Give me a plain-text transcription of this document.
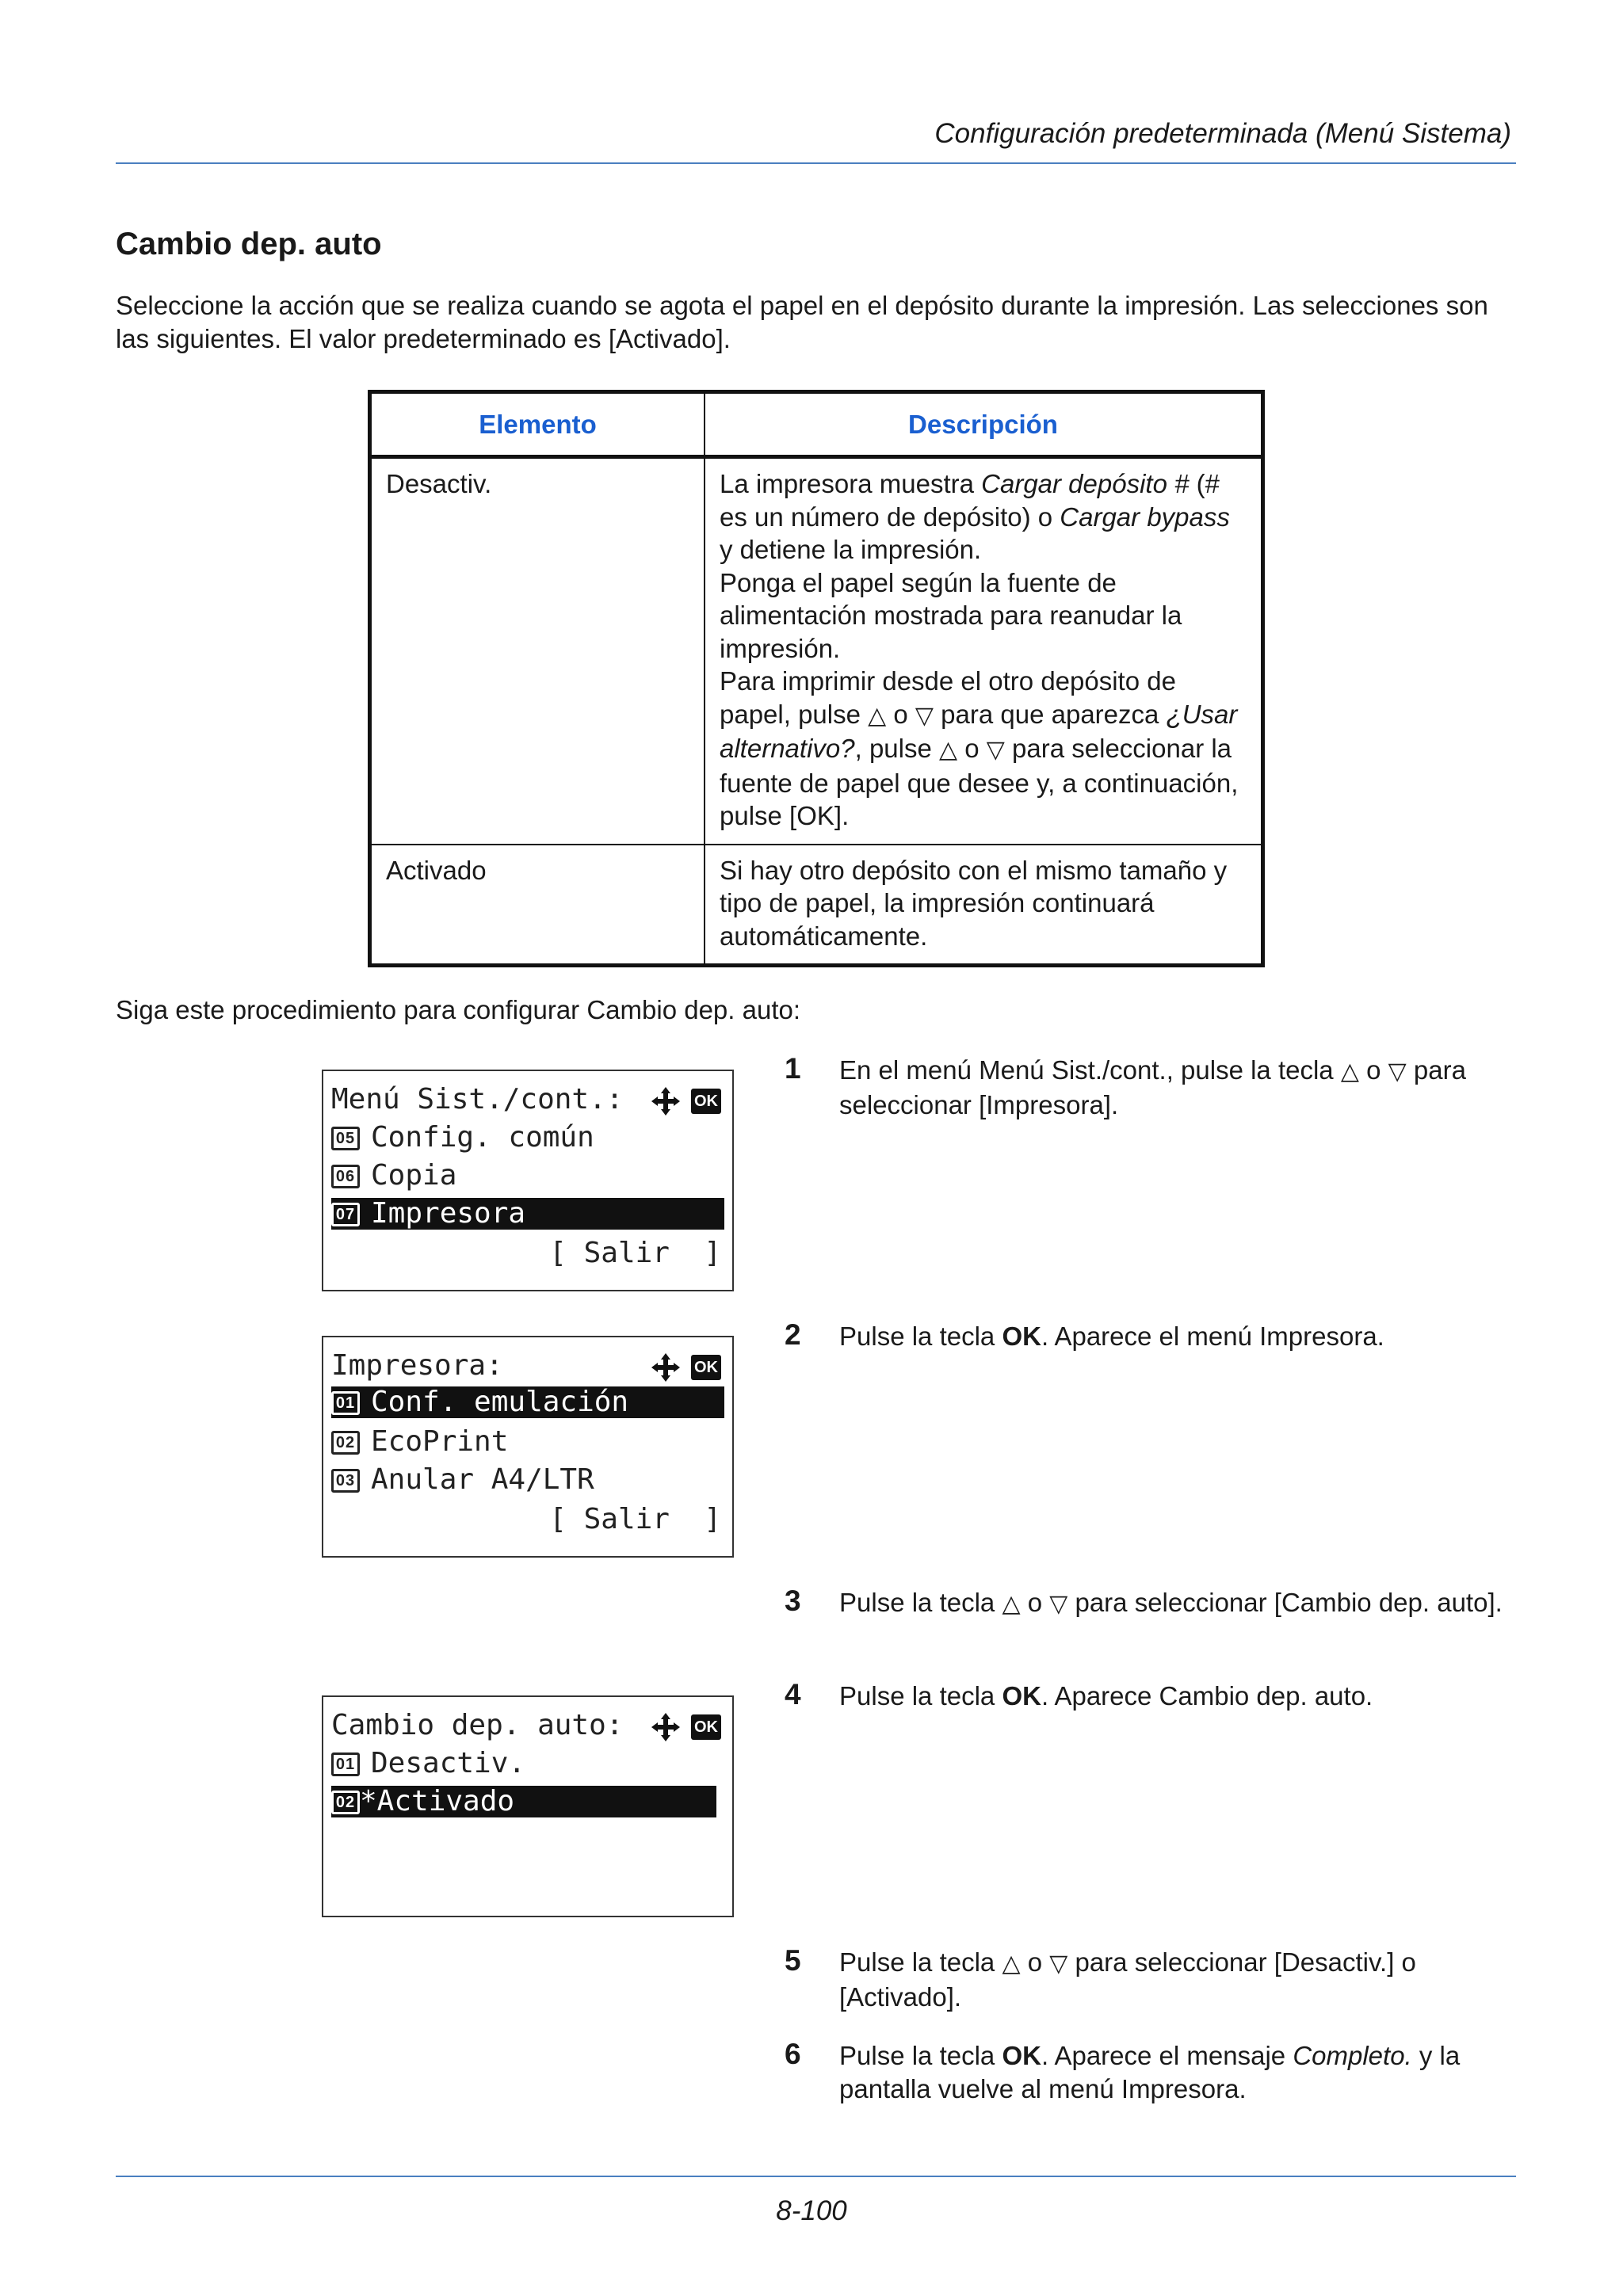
Configuración predeterminada (Menú Sistema)
Cambio dep. auto
Seleccione la acción que se realiza cuando se agota el papel en el depósito durante la impresión. Las selecciones son las siguientes. El valor predeterminado es [Activado].
Elemento	Descripción
Desactiv.	La impresora muestra Cargar depósito # (# es un número de depósito) o Cargar bypass y detiene la impresión.
Ponga el papel según la fuente de alimentación mostrada para reanudar la impresión.
Para imprimir desde el otro depósito de papel, pulse △ o ▽ para que aparezca ¿Usar alternativo?, pulse △ o ▽ para seleccionar la fuente de papel que desee y, a continuación, pulse [OK].
Activado	Si hay otro depósito con el mismo tamaño y tipo de papel, la impresión continuará automáticamente.
Siga este procedimiento para configurar Cambio dep. auto:
Menú Sist./cont.:	OK
05 Config. común
06 Copia
07 Impresora
[ Salir  ]
Impresora:	OK
01 Conf. emulación
02 EcoPrint
03 Anular A4/LTR
[ Salir  ]
Cambio dep. auto:	OK
01 Desactiv.
02 *Activado
1 En el menú Menú Sist./cont., pulse la tecla △ o ▽ para seleccionar [Impresora].
2 Pulse la tecla OK. Aparece el menú Impresora.
3 Pulse la tecla △ o ▽ para seleccionar [Cambio dep. auto].
4 Pulse la tecla OK. Aparece Cambio dep. auto.
5 Pulse la tecla △ o ▽ para seleccionar [Desactiv.] o [Activado].
6 Pulse la tecla OK. Aparece el mensaje Completo. y la pantalla vuelve al menú Impresora.
8-100
